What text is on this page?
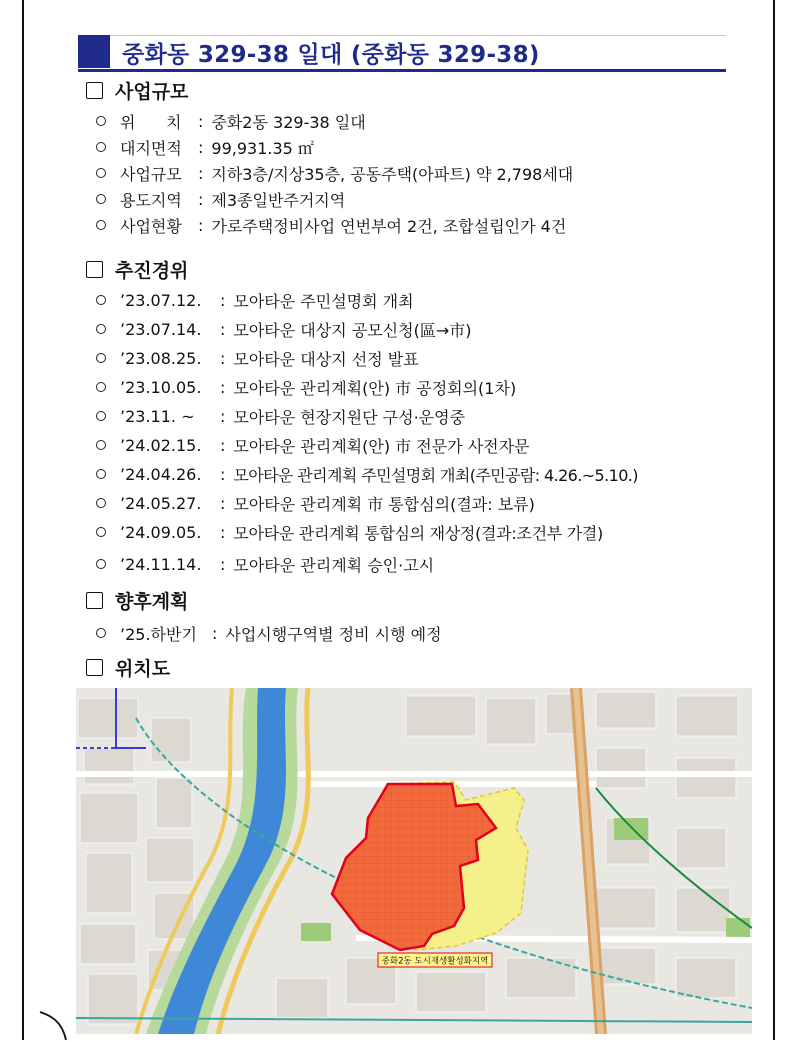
중화동 329-38 일대 (중화동 329-38)
사업규모
위      치	: 중화2동 329-38 일대
대지면적	: 99,931.35 ㎡
사업규모	: 지하3층/지상35층, 공동주택(아파트) 약 2,798세대
용도지역	: 제3종일반주거지역
사업현황	: 가로주택정비사업 연번부여 2건, 조합설립인가 4건
추진경위
’23.07.12.	: 모아타운 주민설명회 개최
’23.07.14.	: 모아타운 대상지 공모신청(區→市)
’23.08.25.	: 모아타운 대상지 선정 발표
’23.10.05.	: 모아타운 관리계획(안) 市 공정회의(1차)
’23.11. ~	: 모아타운 현장지원단 구성·운영중
’24.02.15.	: 모아타운 관리계획(안) 市 전문가 사전자문
’24.04.26.	: 모아타운 관리계획 주민설명회 개최(주민공람: 4.26.~5.10.)
’24.05.27.	: 모아타운 관리계획 市 통합심의(결과: 보류)
’24.09.05.	: 모아타운 관리계획 통합심의 재상정(결과:조건부 가결)
’24.11.14.	: 모아타운 관리계획 승인·고시
향후계획
’25.하반기 : 사업시행구역별 정비 시행 예정
위치도
중화2동 도시재생활성화지역
